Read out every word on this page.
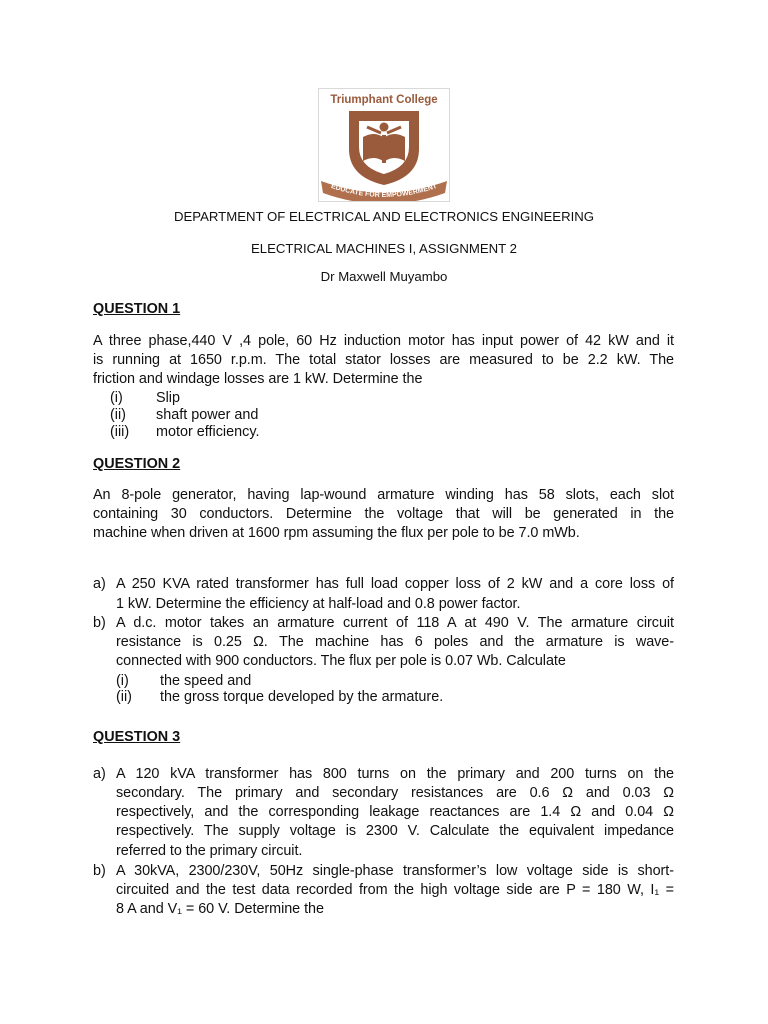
Triumphant College
EDUCATE FOR EMPOWERMENT
DEPARTMENT OF ELECTRICAL AND ELECTRONICS ENGINEERING
ELECTRICAL MACHINES I, ASSIGNMENT 2
Dr Maxwell Muyambo
QUESTION 1
A three phase,440 V ,4 pole, 60 Hz induction motor has input power of 42 kW and it
is running at 1650 r.p.m. The total stator losses are measured to be 2.2 kW. The
friction and windage losses are 1 kW. Determine the
(i) Slip
(ii) shaft power and
(iii) motor efficiency.
QUESTION 2
An 8-pole generator, having lap-wound armature winding has 58 slots, each slot
containing 30 conductors. Determine the voltage that will be generated in the
machine when driven at 1600 rpm assuming the flux per pole to be 7.0 mWb.
a) A 250 KVA rated transformer has full load copper loss of 2 kW and a core loss of
1 kW. Determine the efficiency at half-load and 0.8 power factor.
b) A d.c. motor takes an armature current of 118 A at 490 V. The armature circuit
resistance is 0.25 Ω. The machine has 6 poles and the armature is wave-
connected with 900 conductors. The flux per pole is 0.07 Wb. Calculate
(i) the speed and
(ii) the gross torque developed by the armature.
QUESTION 3
a) A 120 kVA transformer has 800 turns on the primary and 200 turns on the
secondary. The primary and secondary resistances are 0.6 Ω and 0.03 Ω
respectively, and the corresponding leakage reactances are 1.4 Ω and 0.04 Ω
respectively. The supply voltage is 2300 V. Calculate the equivalent impedance
referred to the primary circuit.
b) A 30kVA, 2300/230V, 50Hz single-phase transformer’s low voltage side is short-
circuited and the test data recorded from the high voltage side are P = 180 W, I₁ =
8 A and V₁ = 60 V. Determine the
